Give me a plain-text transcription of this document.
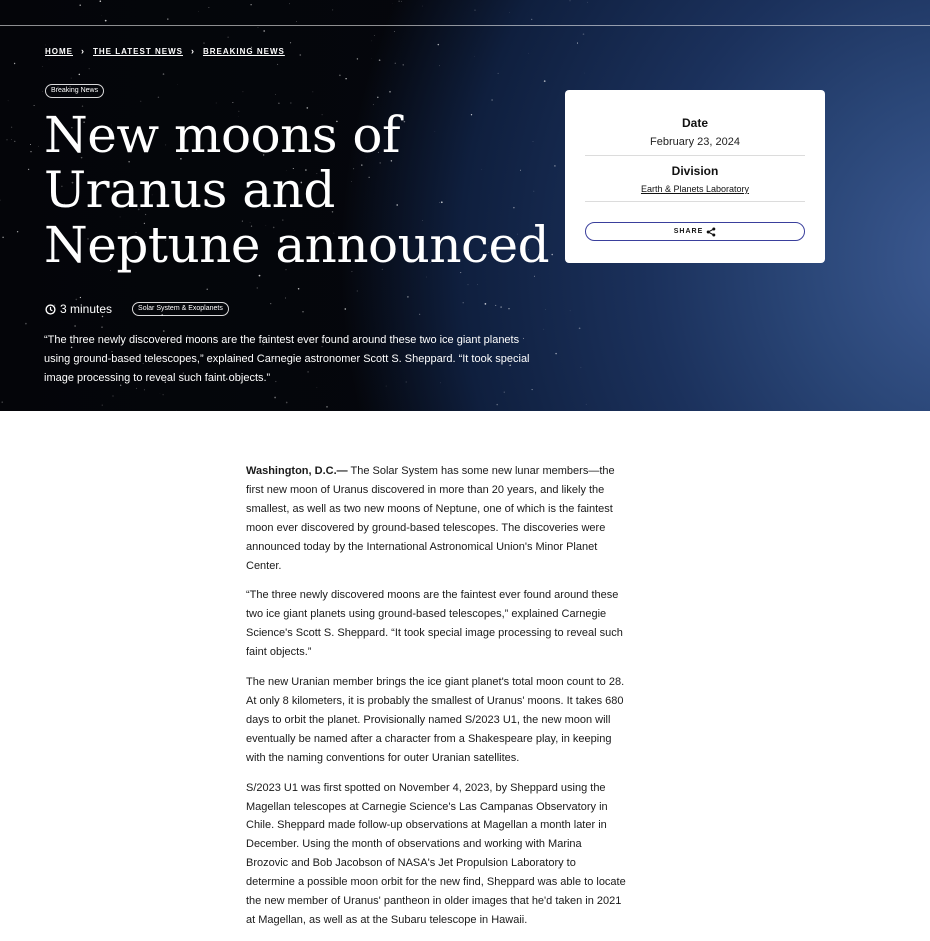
HOME › THE LATEST NEWS › BREAKING NEWS
Breaking News
New moons of Uranus and Neptune announced
3 minutes	Solar System & Exoplanets

“The three newly discovered moons are the faintest ever found around these two ice giant planets using ground-based telescopes,” explained Carnegie astronomer Scott S. Sheppard. “It took special image processing to reveal such faint objects.”

Date
February 23, 2024
Division
Earth & Planets Laboratory
SHARE

Washington, D.C.— The Solar System has some new lunar members—the first new moon of Uranus discovered in more than 20 years, and likely the smallest, as well as two new moons of Neptune, one of which is the faintest moon ever discovered by ground-based telescopes. The discoveries were announced today by the International Astronomical Union's Minor Planet Center.

“The three newly discovered moons are the faintest ever found around these two ice giant planets using ground-based telescopes,” explained Carnegie Science's Scott S. Sheppard. “It took special image processing to reveal such faint objects.”

The new Uranian member brings the ice giant planet's total moon count to 28. At only 8 kilometers, it is probably the smallest of Uranus' moons. It takes 680 days to orbit the planet. Provisionally named S/2023 U1, the new moon will eventually be named after a character from a Shakespeare play, in keeping with the naming conventions for outer Uranian satellites.

S/2023 U1 was first spotted on November 4, 2023, by Sheppard using the Magellan telescopes at Carnegie Science's Las Campanas Observatory in Chile. Sheppard made follow-up observations at Magellan a month later in December. Using the month of observations and working with Marina Brozovic and Bob Jacobson of NASA's Jet Propulsion Laboratory to determine a possible moon orbit for the new find, Sheppard was able to locate the new member of Uranus' pantheon in older images that he'd taken in 2021 at Magellan, as well as at the Subaru telescope in Hawaii.
